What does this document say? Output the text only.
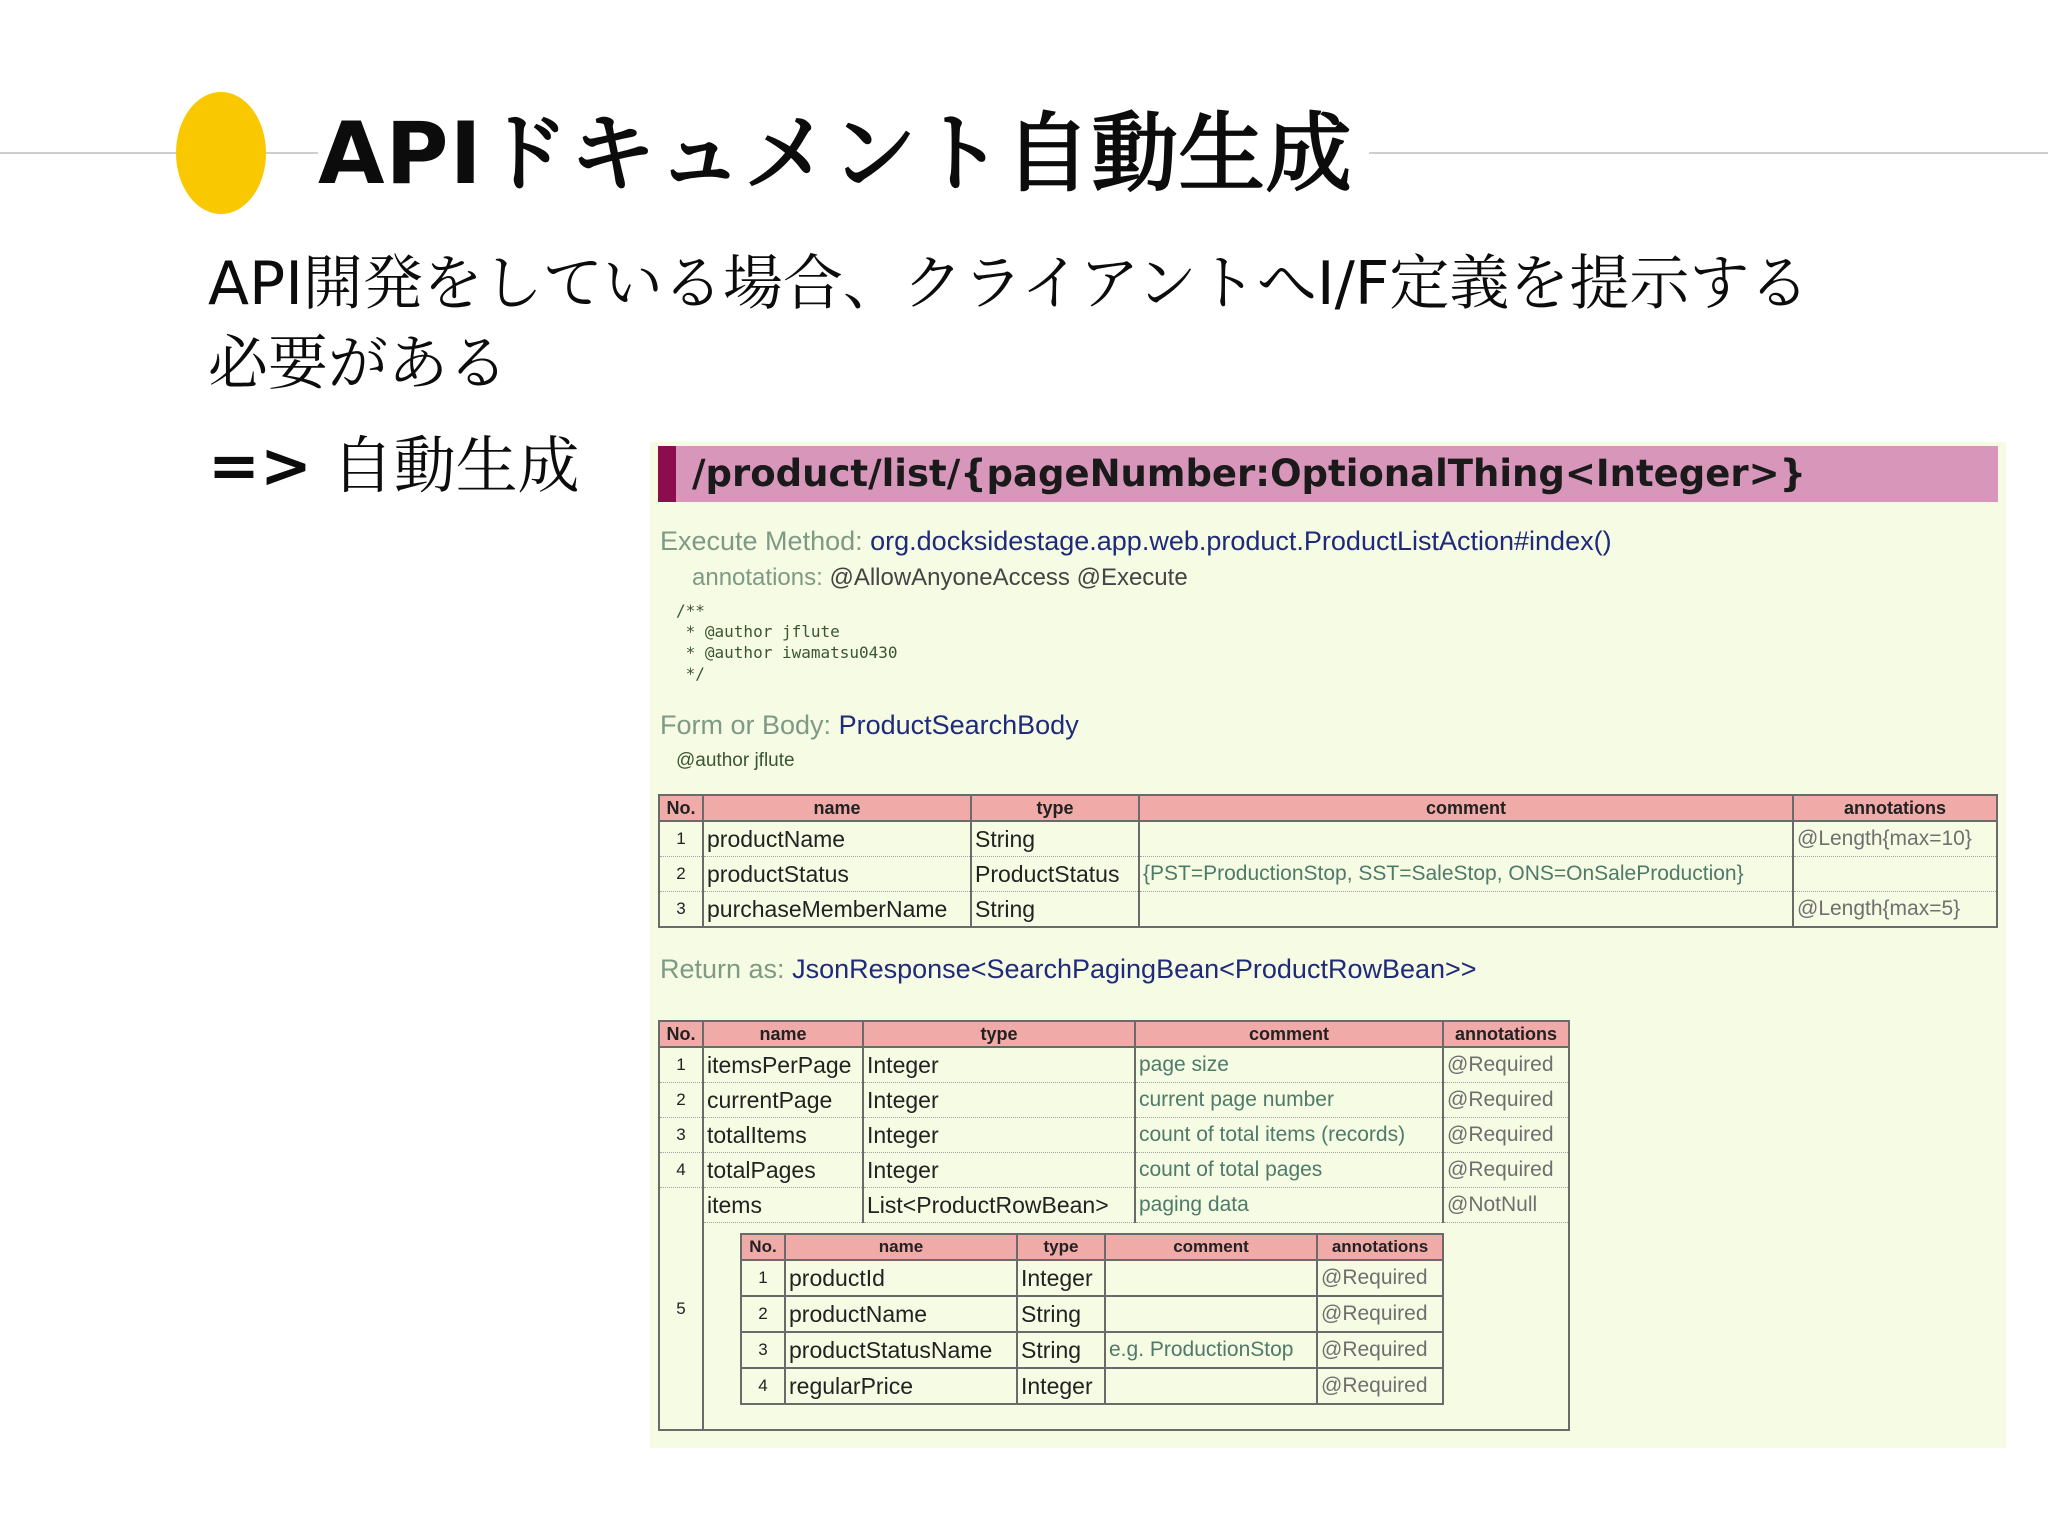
APIドキュメント自動生成

API開発をしている場合、クライアントへI/F定義を提示する必要がある

=> 自動生成	/product/list/{pageNumber:OptionalThing<Integer>}
Execute Method: org.docksidestage.app.web.product.ProductListAction#index()
annotations: @AllowAnyoneAccess @Execute
/**
* @author jflute
* @author iwamatsu0430
*/
Form or Body: ProductSearchBody
@author jflute
No.	name	type	comment	annotations
1	productName	String		@Length{max=10}
2	productStatus	ProductStatus	{PST=ProductionStop, SST=SaleStop, ONS=OnSaleProduction}	
3	purchaseMemberName	String		@Length{max=5}
Return as: JsonResponse<SearchPagingBean<ProductRowBean>>
No.	name	type	comment	annotations
1	itemsPerPage	Integer	page size	@Required
2	currentPage	Integer	current page number	@Required
3	totalItems	Integer	count of total items (records)	@Required
4	totalPages	Integer	count of total pages	@Required
5	items	List<ProductRowBean>	paging data	@NotNull

No.	name	type	comment	annotations
1	productId	Integer		@Required
2	productName	String		@Required
3	productStatusName	String	e.g. ProductionStop	@Required
4	regularPrice	Integer		@Required
